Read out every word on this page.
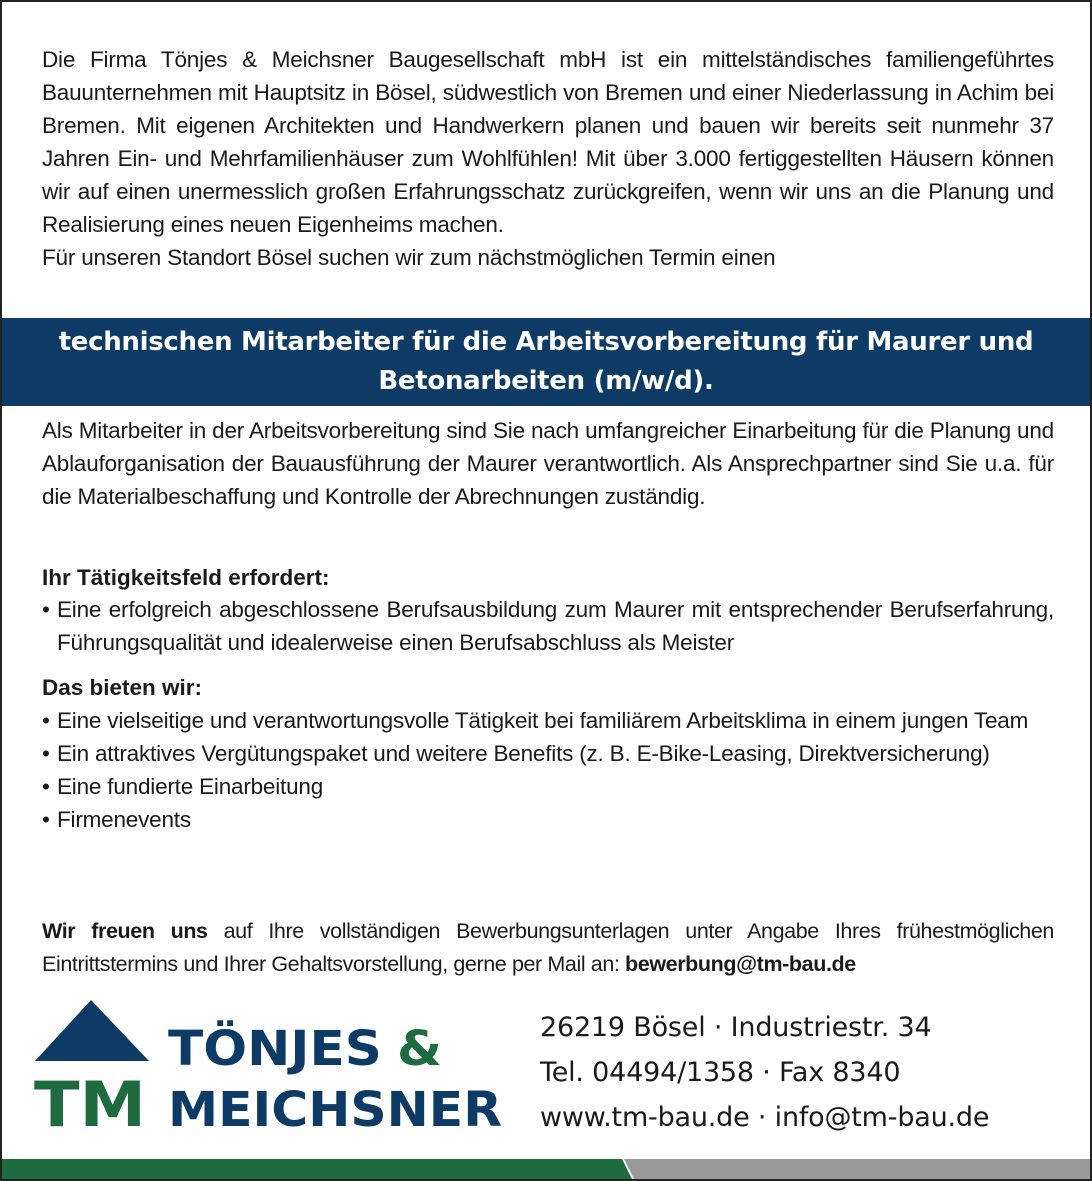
Die Firma Tönjes & Meichsner Baugesellschaft mbH ist ein mittelständisches familiengeführtes Bauunternehmen mit Hauptsitz in Bösel, südwestlich von Bremen und einer Niederlassung in Achim bei Bremen. Mit eigenen Architekten und Handwerkern planen und bauen wir bereits seit nunmehr 37 Jahren Ein- und Mehrfamilienhäuser zum Wohlfühlen! Mit über 3.000 fertiggestellten Häusern können wir auf einen unermesslich großen Erfahrungsschatz zurückgreifen, wenn wir uns an die Planung und Realisierung eines neuen Eigenheims machen.

Für unseren Standort Bösel suchen wir zum nächstmöglichen Termin einen

technischen Mitarbeiter für die Arbeitsvorbereitung für Maurer und Betonarbeiten (m/w/d).

Als Mitarbeiter in der Arbeitsvorbereitung sind Sie nach umfangreicher Einarbeitung für die Planung und Ablauforganisation der Bauausführung der Maurer verantwortlich. Als Ansprechpartner sind Sie u.a. für die Materialbeschaffung und Kontrolle der Abrechnungen zuständig.

Ihr Tätigkeitsfeld erfordert:
• Eine erfolgreich abgeschlossene Berufsausbildung zum Maurer mit entsprechender Berufserfahrung, Führungsqualität und idealerweise einen Berufsabschluss als Meister
Das bieten wir:
• Eine vielseitige und verantwortungsvolle Tätigkeit bei familiärem Arbeitsklima in einem jungen Team
• Ein attraktives Vergütungspaket und weitere Benefits (z. B. E-Bike-Leasing, Direktversicherung)
• Eine fundierte Einarbeitung
• Firmenevents

Wir freuen uns auf Ihre vollständigen Bewerbungsunterlagen unter Angabe Ihres frühestmöglichen Eintrittstermins und Ihrer Gehaltsvorstellung, gerne per Mail an: bewerbung@tm-bau.de

TM
TÖNJES &
MEICHSNER
26219 Bösel · Industriestr. 34
Tel. 04494/1358 · Fax 8340
www.tm-bau.de · info@tm-bau.de
